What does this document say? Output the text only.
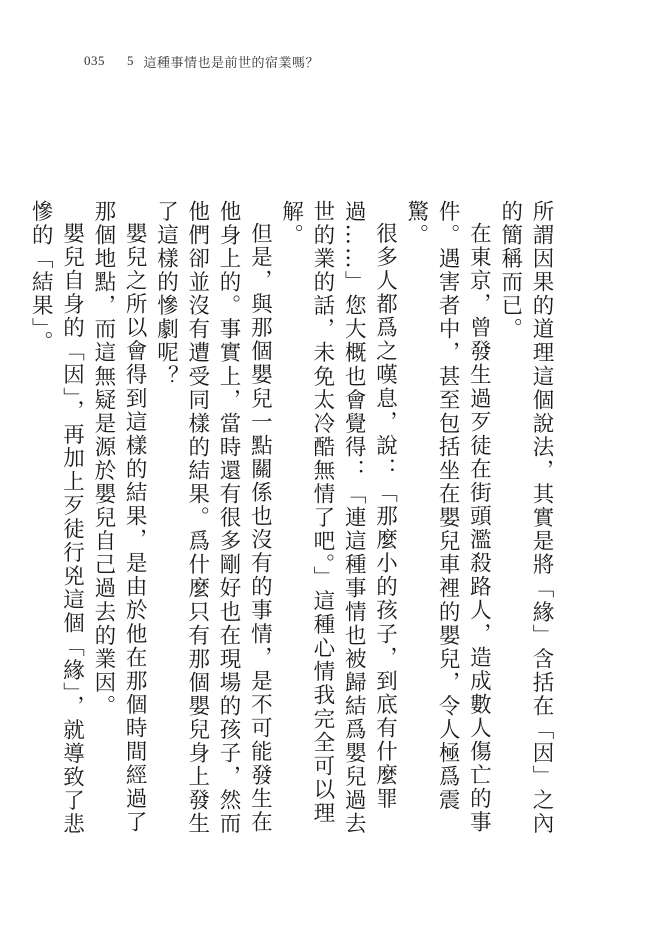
035 5 這種事情也是前世的宿業嗎？

所謂因果的道理這個說法，其實是將「緣」含括在「因」之內的簡稱而已。

在東京，曾發生過歹徒在街頭濫殺路人，造成數人傷亡的事件。遇害者中，甚至包括坐在嬰兒車裡的嬰兒，令人極爲震驚。

很多人都爲之嘆息，說：「那麼小的孩子，到底有什麼罪過……」您大概也會覺得：「連這種事情也被歸結爲嬰兒過去世的業的話，未免太冷酷無情了吧。」這種心情我完全可以理解。

但是，與那個嬰兒一點關係也沒有的事情，是不可能發生在他身上的。事實上，當時還有很多剛好也在現場的孩子，然而他們卻並沒有遭受同樣的結果。爲什麼只有那個嬰兒身上發生了這樣的慘劇呢？

嬰兒之所以會得到這樣的結果，是由於他在那個時間經過了那個地點，而這無疑是源於嬰兒自己過去的業因。

嬰兒自身的「因」，再加上歹徒行兇這個「緣」，就導致了悲慘的「結果」。
